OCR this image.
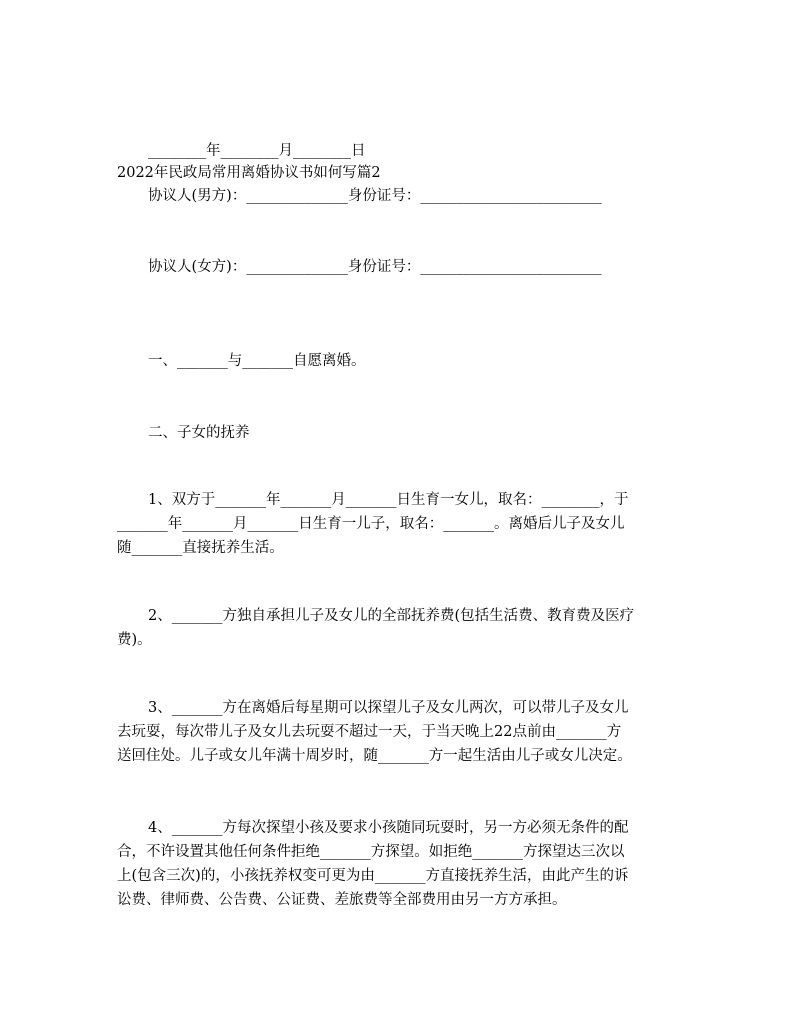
________年________月________日
2022年民政局常用离婚协议书如何写篇2
协议人(男方)：______________身份证号：_________________________
协议人(女方)：______________身份证号：_________________________
一、_______与_______自愿离婚。
二、子女的抚养
1、双方于_______年_______月_______日生育一女儿，取名：________，于
_______年_______月_______日生育一儿子，取名：_______。离婚后儿子及女儿
随_______直接抚养生活。
2、_______方独自承担儿子及女儿的全部抚养费(包括生活费、教育费及医疗
费)。
3、_______方在离婚后每星期可以探望儿子及女儿两次，可以带儿子及女儿
去玩耍，每次带儿子及女儿去玩耍不超过一天，于当天晚上22点前由_______方
送回住处。儿子或女儿年满十周岁时，随_______方一起生活由儿子或女儿决定。
4、_______方每次探望小孩及要求小孩随同玩耍时，另一方必须无条件的配
合，不许设置其他任何条件拒绝_______方探望。如拒绝_______方探望达三次以
上(包含三次)的，小孩抚养权变可更为由_______方直接抚养生活，由此产生的诉
讼费、律师费、公告费、公证费、差旅费等全部费用由另一方方承担。
